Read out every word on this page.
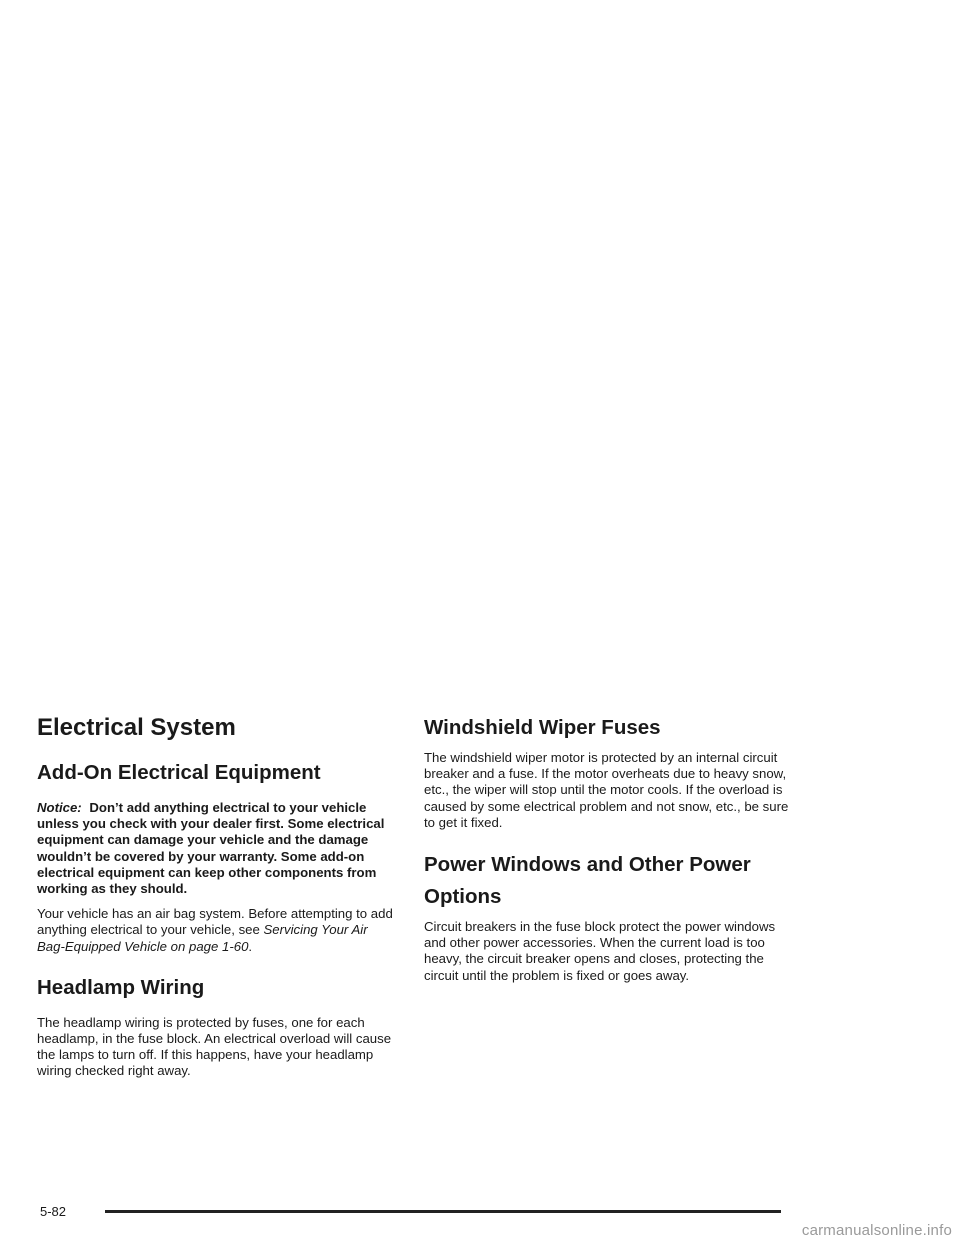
Electrical System
Add-On Electrical Equipment

Notice: Don’t add anything electrical to your vehicle unless you check with your dealer first. Some electrical equipment can damage your vehicle and the damage wouldn’t be covered by your warranty. Some add-on electrical equipment can keep other components from working as they should.

Your vehicle has an air bag system. Before attempting to add anything electrical to your vehicle, see Servicing Your Air Bag-Equipped Vehicle on page 1-60.

Headlamp Wiring

The headlamp wiring is protected by fuses, one for each headlamp, in the fuse block. An electrical overload will cause the lamps to turn off. If this happens, have your headlamp wiring checked right away.

Windshield Wiper Fuses

The windshield wiper motor is protected by an internal circuit breaker and a fuse. If the motor overheats due to heavy snow, etc., the wiper will stop until the motor cools. If the overload is caused by some electrical problem and not snow, etc., be sure to get it fixed.

Power Windows and Other Power Options

Circuit breakers in the fuse block protect the power windows and other power accessories. When the current load is too heavy, the circuit breaker opens and closes, protecting the circuit until the problem is fixed or goes away.

5-82
carmanualsonline.info
